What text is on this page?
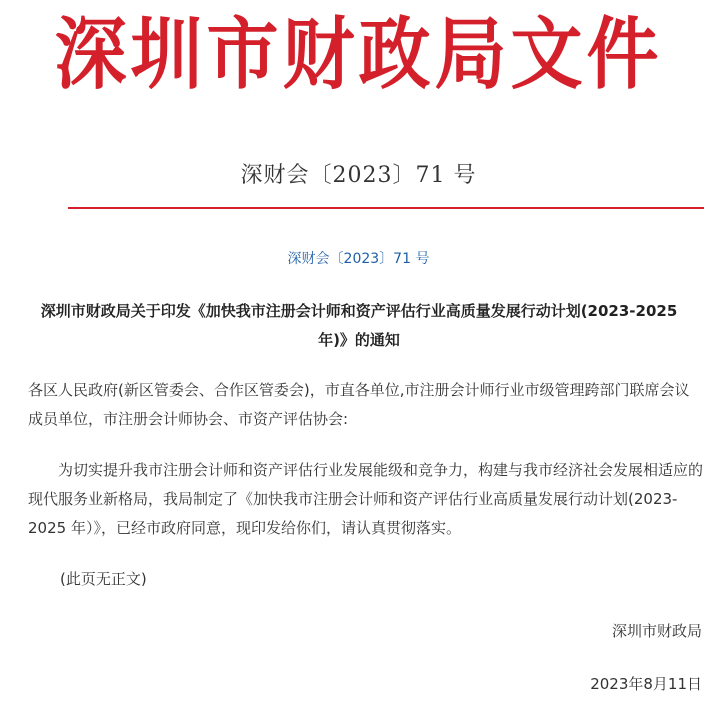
深圳市财政局文件
深财会〔2023〕71 号
深财会〔2023〕71 号
深圳市财政局关于印发《加快我市注册会计师和资产评估行业高质量发展行动计划(2023-2025 年)》的通知
各区人民政府(新区管委会、合作区管委会)，市直各单位,市注册会计师行业市级管理跨部门联席会议成员单位，市注册会计师协会、市资产评估协会:
为切实提升我市注册会计师和资产评估行业发展能级和竞争力，构建与我市经济社会发展相适应的现代服务业新格局，我局制定了《加快我市注册会计师和资产评估行业高质量发展行动计划(2023-2025 年）》，已经市政府同意，现印发给你们，请认真贯彻落实。
(此页无正文)
深圳市财政局
2023年8月11日
